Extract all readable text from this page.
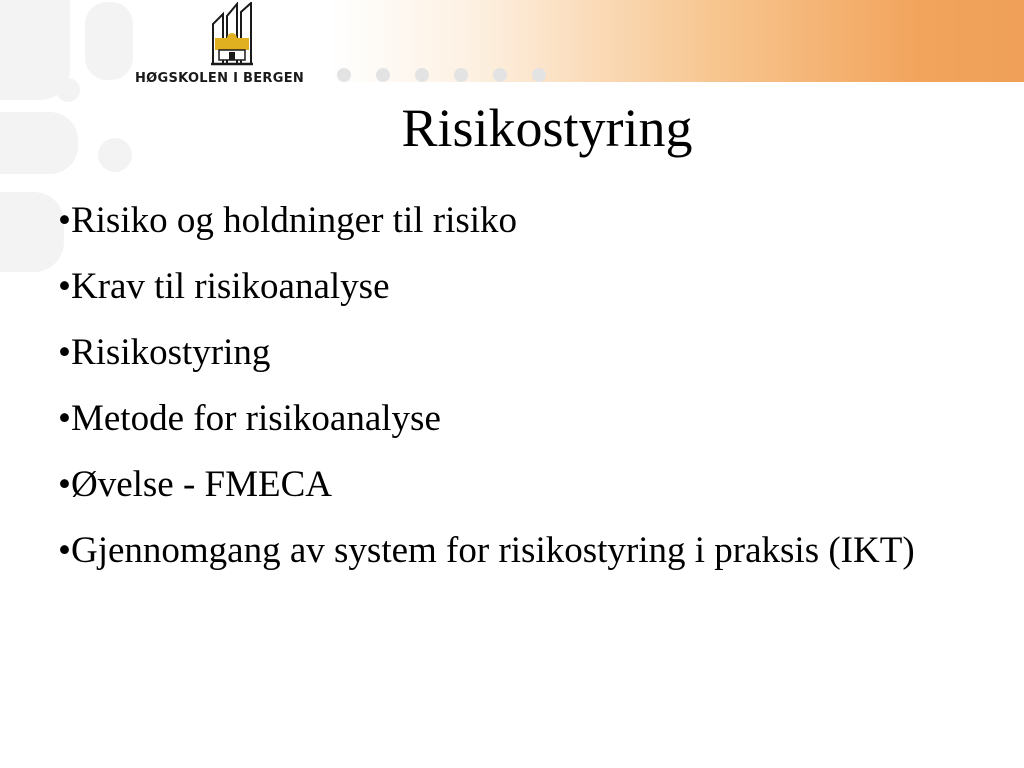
HØGSKOLEN I BERGEN
Risikostyring
• Risiko og holdninger til risiko
• Krav til risikoanalyse
• Risikostyring
• Metode for risikoanalyse
• Øvelse - FMECA
• Gjennomgang av system for risikostyring i praksis (IKT)
